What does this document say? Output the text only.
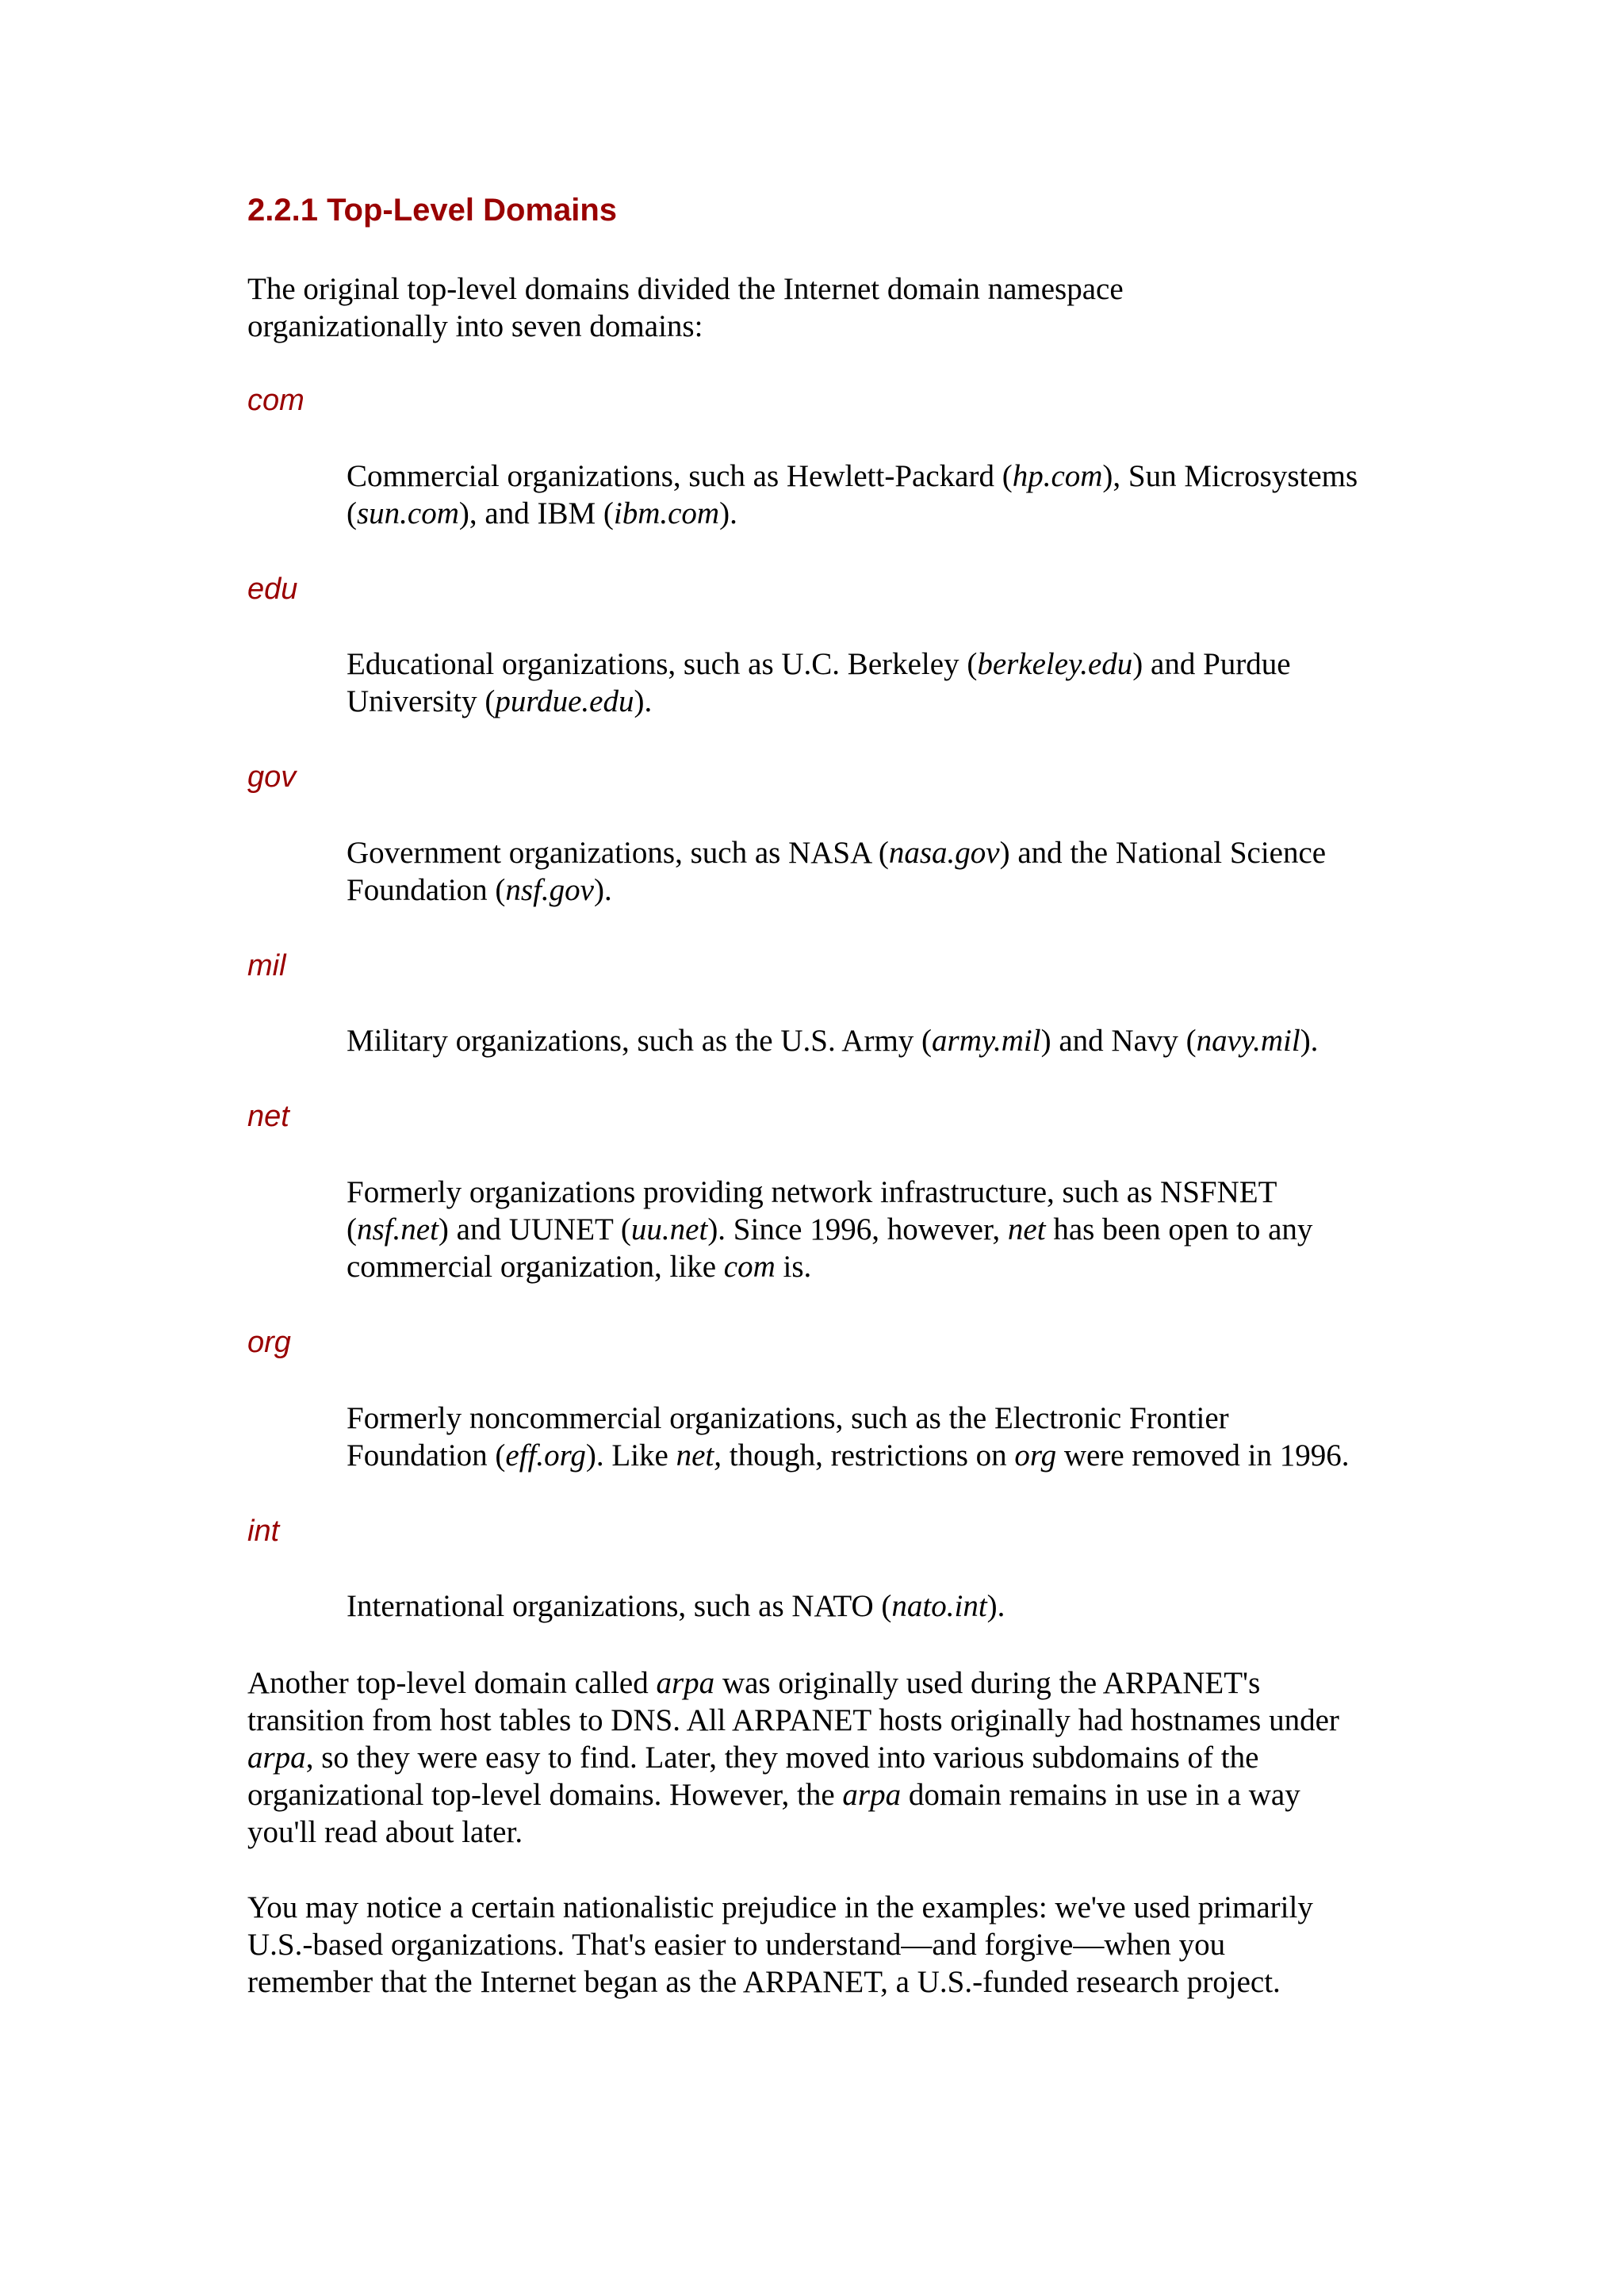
2.2.1 Top-Level Domains

The original top-level domains divided the Internet domain namespace organizationally into seven domains:

com

Commercial organizations, such as Hewlett-Packard (hp.com), Sun Microsystems (sun.com), and IBM (ibm.com).

edu

Educational organizations, such as U.C. Berkeley (berkeley.edu) and Purdue University (purdue.edu).

gov

Government organizations, such as NASA (nasa.gov) and the National Science Foundation (nsf.gov).

mil

Military organizations, such as the U.S. Army (army.mil) and Navy (navy.mil).

net

Formerly organizations providing network infrastructure, such as NSFNET (nsf.net) and UUNET (uu.net). Since 1996, however, net has been open to any commercial organization, like com is.

org

Formerly noncommercial organizations, such as the Electronic Frontier Foundation (eff.org). Like net, though, restrictions on org were removed in 1996.

int

International organizations, such as NATO (nato.int).

Another top-level domain called arpa was originally used during the ARPANET's transition from host tables to DNS. All ARPANET hosts originally had hostnames under arpa, so they were easy to find. Later, they moved into various subdomains of the organizational top-level domains. However, the arpa domain remains in use in a way you'll read about later.

You may notice a certain nationalistic prejudice in the examples: we've used primarily U.S.-based organizations. That's easier to understand—and forgive—when you remember that the Internet began as the ARPANET, a U.S.-funded research project.
